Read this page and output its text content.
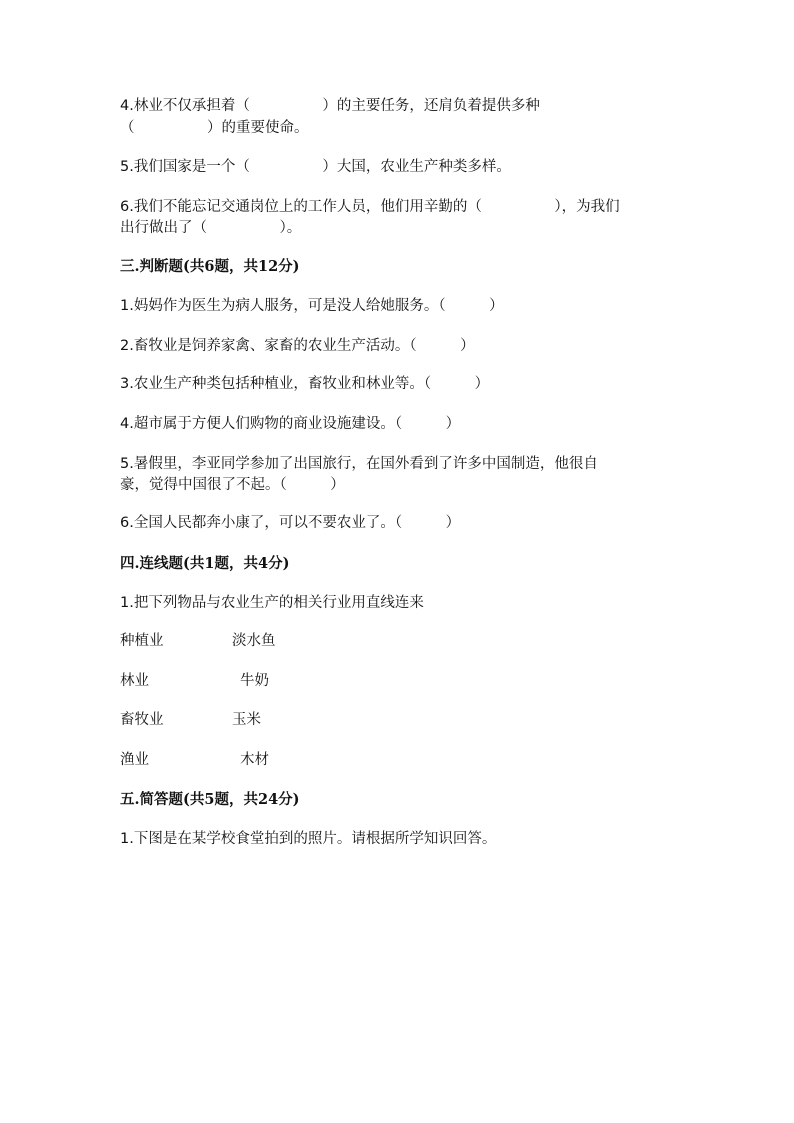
4.林业不仅承担着（　　　　　）的主要任务，还肩负着提供多种
（　　　　　）的重要使命。
5.我们国家是一个（　　　　　）大国，农业生产种类多样。
6.我们不能忘记交通岗位上的工作人员，他们用辛勤的（　　　　　），为我们
出行做出了（　　　　　）。
三.判断题(共6题，共12分)
1.妈妈作为医生为病人服务，可是没人给她服务。（　　　）
2.畜牧业是饲养家禽、家畜的农业生产活动。（　　　）
3.农业生产种类包括种植业，畜牧业和林业等。（　　　）
4.超市属于方便人们购物的商业设施建设。（　　　）
5.暑假里，李亚同学参加了出国旅行，在国外看到了许多中国制造，他很自
豪，觉得中国很了不起。（　　　）
6.全国人民都奔小康了，可以不要农业了。（　　　）
四.连线题(共1题，共4分)
1.把下列物品与农业生产的相关行业用直线连来
种植业	淡水鱼
林业	牛奶
畜牧业	玉米
渔业	木材
五.简答题(共5题，共24分)
1.下图是在某学校食堂拍到的照片。请根据所学知识回答。
